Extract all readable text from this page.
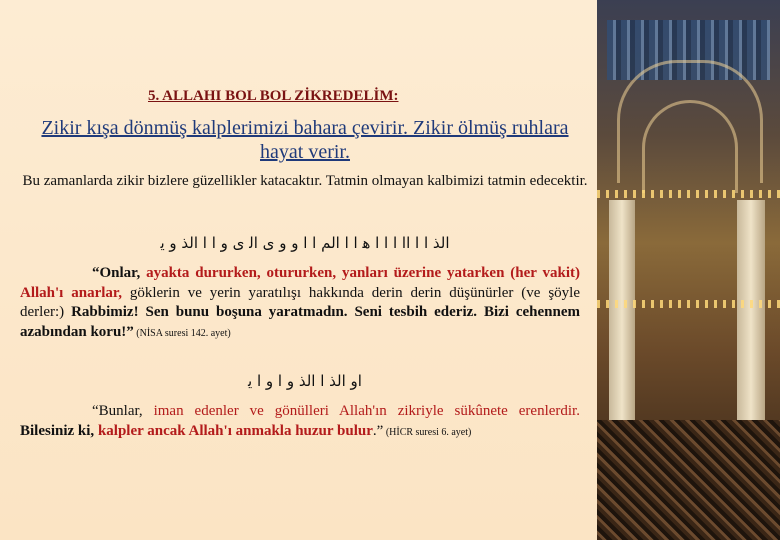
5. ALLAHI BOL BOL ZİKREDELİM:
Zikir kışa dönmüş kalplerimizi bahara çevirir. Zikir ölmüş ruhlara hayat verir.
Bu zamanlarda zikir bizlere güzellikler katacaktır. Tatmin olmayan kalbimizi tatmin edecektir.
ﺍﻟﺬ ﺍ ﺍ ﺍﺍ ﺍ ﺍ ﺍ ﻫ ﺍ ﺍ ﺍﻟﻢ ﺍ ﺍ ﻭ ﻭ ﻯ ﺍﻟ ﻯ ﻭ ﺍ ﺍ ﺍﻟﺬ ﻭ ﻳ
“Onlar, ayakta dururken, otururken, yanları üzerine yatarken (her vakit) Allah'ı anarlar, göklerin ve yerin yaratılışı hakkında derin derin düşünürler (ve şöyle derler:) Rabbimiz! Sen bunu boşuna yaratmadın. Seni tesbih ederiz. Bizi cehennem azabından koru!” (NİSA suresi 142. ayet)
ﺍﻭ ﺍﻟﺬ ﺍ ﺍﻟﺬ ﻭ ﺍ ﻭ ﺍ ﻳ
“Bunlar, iman edenler ve gönülleri Allah'ın zikriyle sükûnete erenlerdir. Bilesiniz ki, kalpler ancak Allah'ı anmakla huzur bulur.” (HİCR suresi 6. ayet)
